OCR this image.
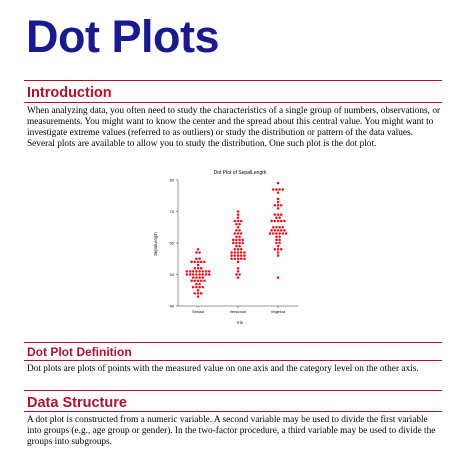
Dot Plots
Introduction
When analyzing data, you often need to study the characteristics of a single group of numbers, observations, or measurements. You might want to know the center and the spread about this central value. You might want to investigate extreme values (referred to as outliers) or study the distribution or pattern of the data values. Several plots are available to allow you to study the distribution. One such plot is the dot plot.
Dot Plot of SepalLength
SepalLength
Iris
40
50
60
70
80
Setosa	Versicolor	Virginica
Dot Plot Definition
Dot plots are plots of points with the measured value on one axis and the category level on the other axis.
Data Structure
A dot plot is constructed from a numeric variable. A second variable may be used to divide the first variable into groups (e.g., age group or gender). In the two-factor procedure, a third variable may be used to divide the groups into subgroups.
